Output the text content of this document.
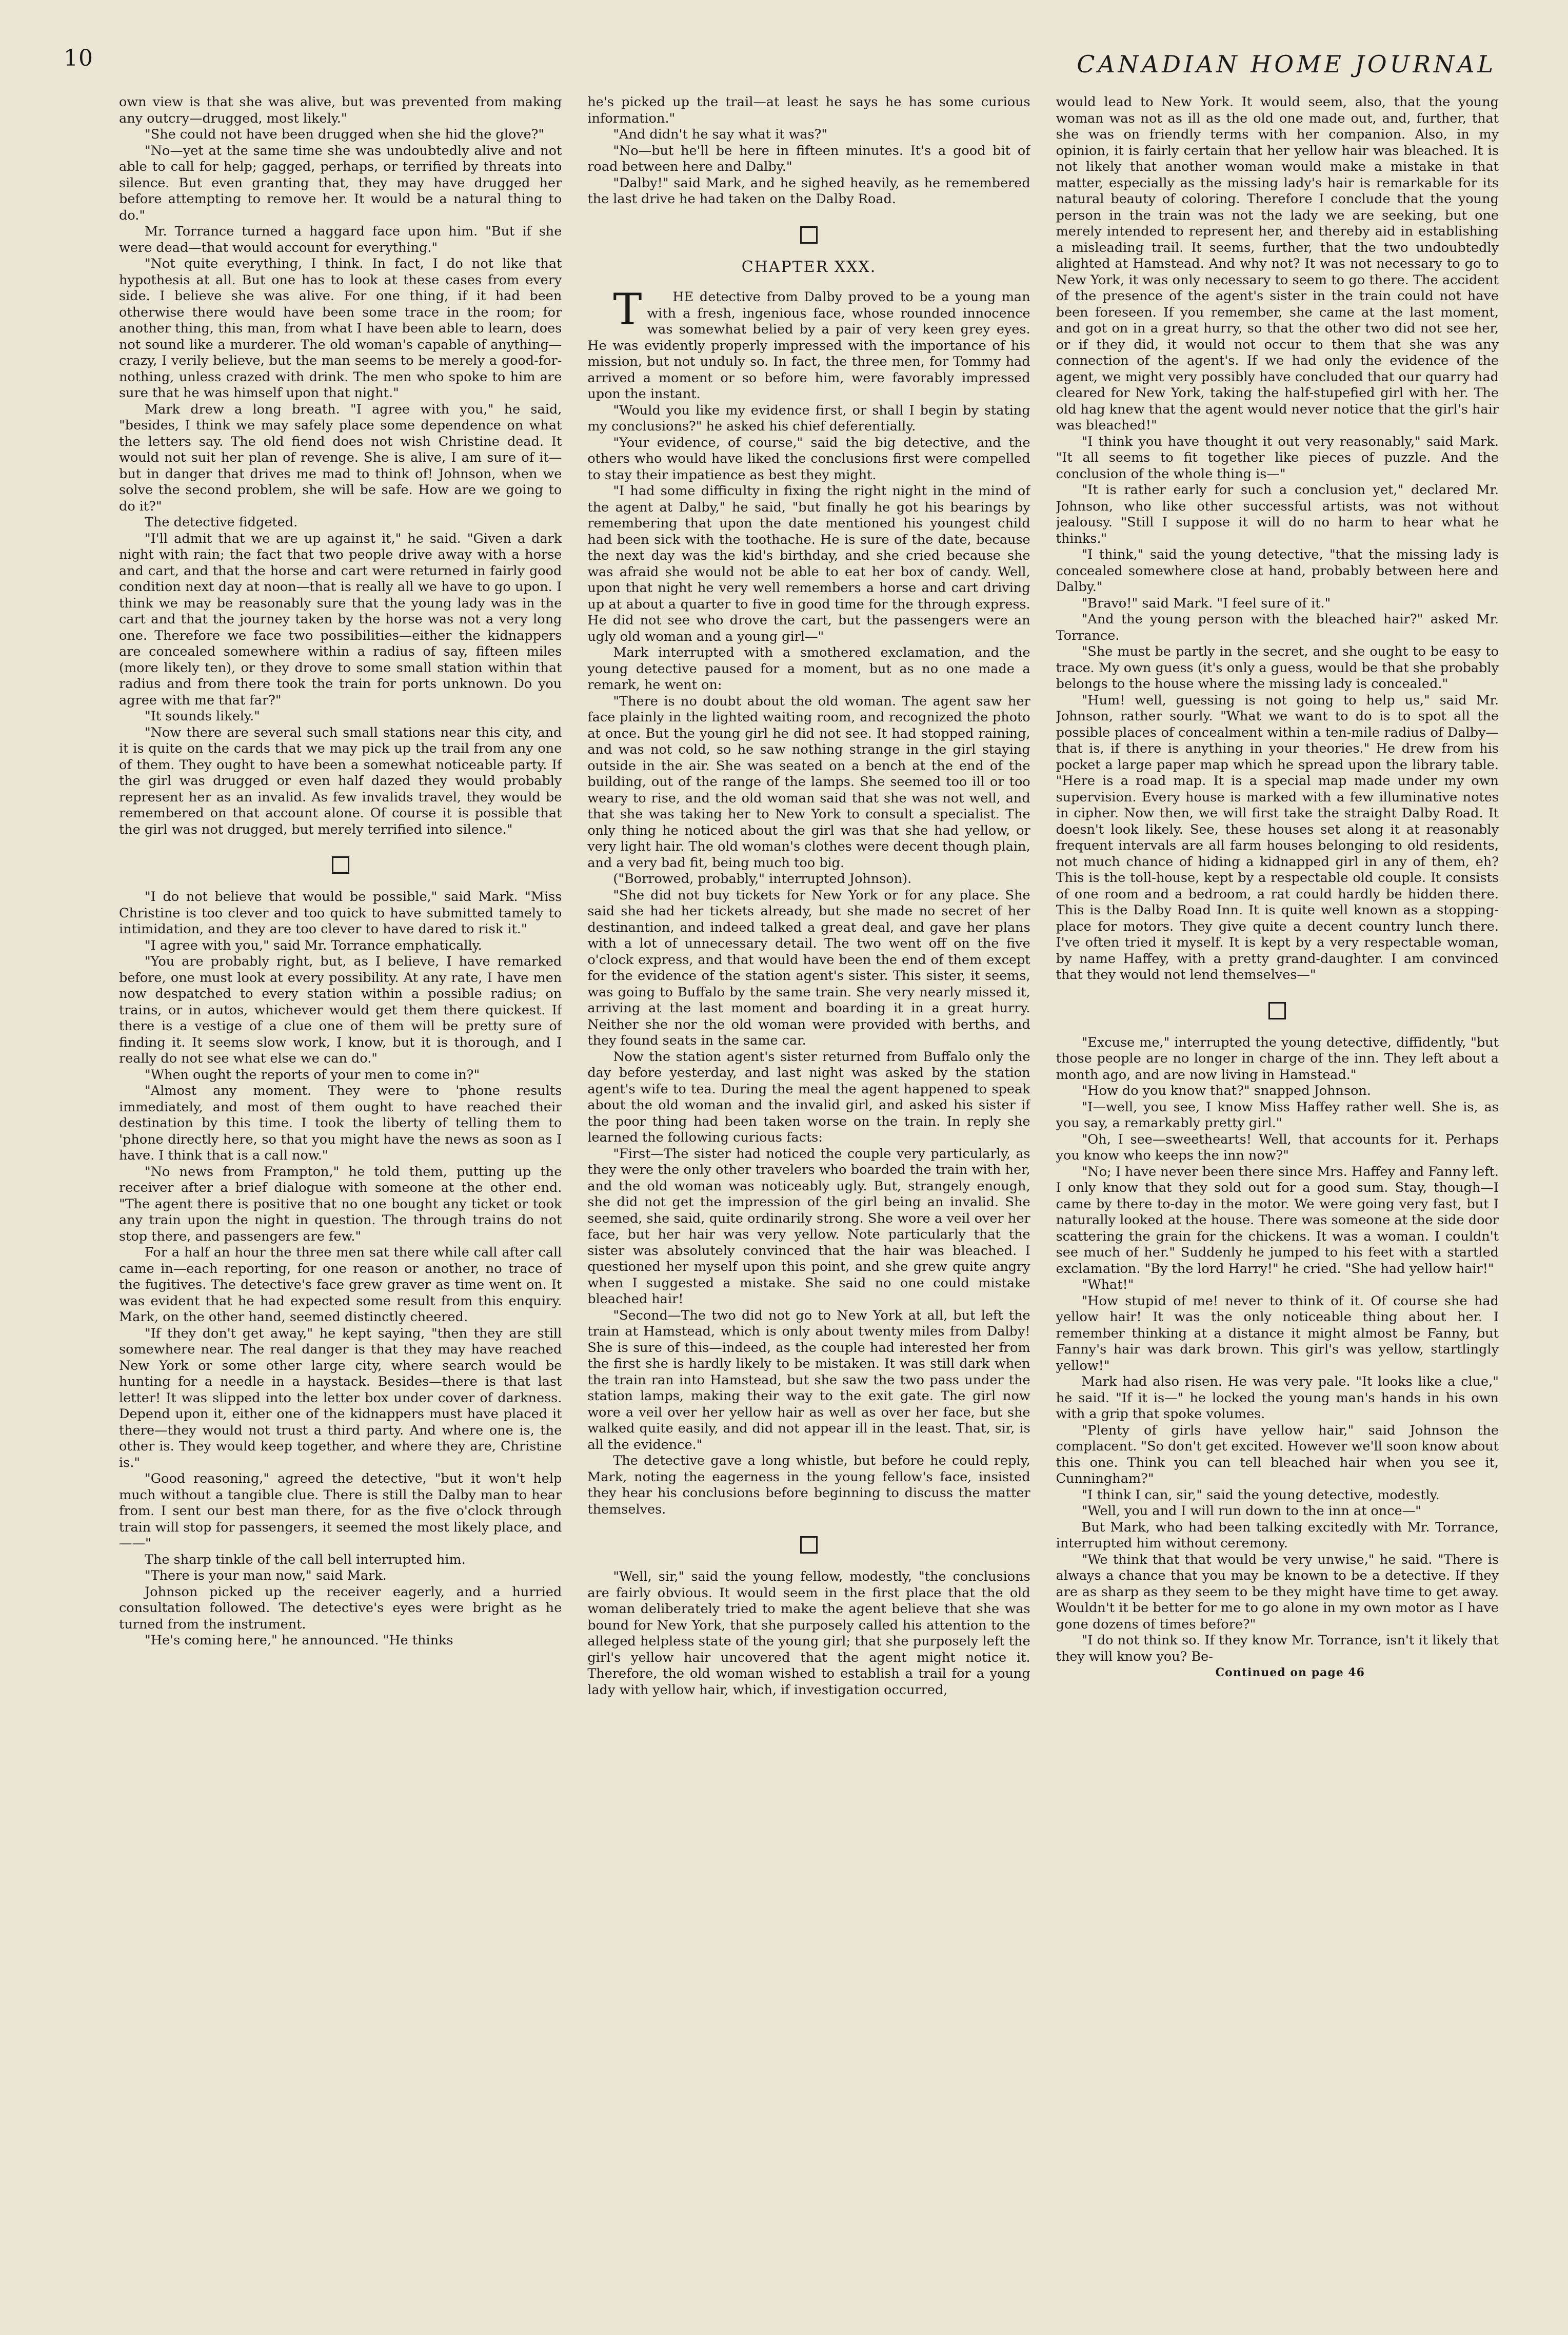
10	CANADIAN HOME JOURNAL

own view is that she was alive, but was prevented from making any outcry—drugged, most likely."

"She could not have been drugged when she hid the glove?"

"No—yet at the same time she was undoubtedly alive and not able to call for help; gagged, perhaps, or terrified by threats into silence. But even granting that, they may have drugged her before attempting to remove her. It would be a natural thing to do."

Mr. Torrance turned a haggard face upon him. "But if she were dead—that would account for everything."

"Not quite everything, I think. In fact, I do not like that hypothesis at all. But one has to look at these cases from every side. I believe she was alive. For one thing, if it had been otherwise there would have been some trace in the room; for another thing, this man, from what I have been able to learn, does not sound like a murderer. The old woman's capable of anything—crazy, I verily believe, but the man seems to be merely a good-for-nothing, unless crazed with drink. The men who spoke to him are sure that he was himself upon that night."

Mark drew a long breath. "I agree with you," he said, "besides, I think we may safely place some dependence on what the letters say. The old fiend does not wish Christine dead. It would not suit her plan of revenge. She is alive, I am sure of it—but in danger that drives me mad to think of! Johnson, when we solve the second problem, she will be safe. How are we going to do it?"

The detective fidgeted.

"I'll admit that we are up against it," he said. "Given a dark night with rain; the fact that two people drive away with a horse and cart, and that the horse and cart were returned in fairly good condition next day at noon—that is really all we have to go upon. I think we may be reasonably sure that the young lady was in the cart and that the journey taken by the horse was not a very long one. Therefore we face two possibilities—either the kidnappers are concealed somewhere within a radius of say, fifteen miles (more likely ten), or they drove to some small station within that radius and from there took the train for ports unknown. Do you agree with me that far?"

"It sounds likely."

"Now there are several such small stations near this city, and it is quite on the cards that we may pick up the trail from any one of them. They ought to have been a somewhat noticeable party. If the girl was drugged or even half dazed they would probably represent her as an invalid. As few invalids travel, they would be remembered on that account alone. Of course it is possible that the girl was not drugged, but merely terrified into silence."

"I do not believe that would be possible," said Mark. "Miss Christine is too clever and too quick to have submitted tamely to intimidation, and they are too clever to have dared to risk it."

"I agree with you," said Mr. Torrance emphatically.

"You are probably right, but, as I believe, I have remarked before, one must look at every possibility. At any rate, I have men now despatched to every station within a possible radius; on trains, or in autos, whichever would get them there quickest. If there is a vestige of a clue one of them will be pretty sure of finding it. It seems slow work, I know, but it is thorough, and I really do not see what else we can do."

"When ought the reports of your men to come in?"

"Almost any moment. They were to 'phone results immediately, and most of them ought to have reached their destination by this time. I took the liberty of telling them to 'phone directly here, so that you might have the news as soon as I have. I think that is a call now."

"No news from Frampton," he told them, putting up the receiver after a brief dialogue with someone at the other end. "The agent there is positive that no one bought any ticket or took any train upon the night in question. The through trains do not stop there, and passengers are few."

For a half an hour the three men sat there while call after call came in—each reporting, for one reason or another, no trace of the fugitives. The detective's face grew graver as time went on. It was evident that he had expected some result from this enquiry. Mark, on the other hand, seemed distinctly cheered.

"If they don't get away," he kept saying, "then they are still somewhere near. The real danger is that they may have reached New York or some other large city, where search would be hunting for a needle in a haystack. Besides—there is that last letter! It was slipped into the letter box under cover of darkness. Depend upon it, either one of the kidnappers must have placed it there—they would not trust a third party. And where one is, the other is. They would keep together, and where they are, Christine is."

"Good reasoning," agreed the detective, "but it won't help much without a tangible clue. There is still the Dalby man to hear from. I sent our best man there, for as the five o'clock through train will stop for passengers, it seemed the most likely place, and——"

The sharp tinkle of the call bell interrupted him.

"There is your man now," said Mark.

Johnson picked up the receiver eagerly, and a hurried consultation followed. The detective's eyes were bright as he turned from the instrument.

"He's coming here," he announced. "He thinks

he's picked up the trail—at least he says he has some curious information."

"And didn't he say what it was?"

"No—but he'll be here in fifteen minutes. It's a good bit of road between here and Dalby."

"Dalby!" said Mark, and he sighed heavily, as he remembered the last drive he had taken on the Dalby Road.

CHAPTER XXX.

T HE detective from Dalby proved to be a young man with a fresh, ingenious face, whose rounded innocence was somewhat belied by a pair of very keen grey eyes. He was evidently properly impressed with the importance of his mission, but not unduly so. In fact, the three men, for Tommy had arrived a moment or so before him, were favorably impressed upon the instant.

"Would you like my evidence first, or shall I begin by stating my conclusions?" he asked his chief deferentially.

"Your evidence, of course," said the big detective, and the others who would have liked the conclusions first were compelled to stay their impatience as best they might.

"I had some difficulty in fixing the right night in the mind of the agent at Dalby," he said, "but finally he got his bearings by remembering that upon the date mentioned his youngest child had been sick with the toothache. He is sure of the date, because the next day was the kid's birthday, and she cried because she was afraid she would not be able to eat her box of candy. Well, upon that night he very well remembers a horse and cart driving up at about a quarter to five in good time for the through express. He did not see who drove the cart, but the passengers were an ugly old woman and a young girl—"

Mark interrupted with a smothered exclamation, and the young detective paused for a moment, but as no one made a remark, he went on:

"There is no doubt about the old woman. The agent saw her face plainly in the lighted waiting room, and recognized the photo at once. But the young girl he did not see. It had stopped raining, and was not cold, so he saw nothing strange in the girl staying outside in the air. She was seated on a bench at the end of the building, out of the range of the lamps. She seemed too ill or too weary to rise, and the old woman said that she was not well, and that she was taking her to New York to consult a specialist. The only thing he noticed about the girl was that she had yellow, or very light hair. The old woman's clothes were decent though plain, and a very bad fit, being much too big.

("Borrowed, probably," interrupted Johnson).

"She did not buy tickets for New York or for any place. She said she had her tickets already, but she made no secret of her destinantion, and indeed talked a great deal, and gave her plans with a lot of unnecessary detail. The two went off on the five o'clock express, and that would have been the end of them except for the evidence of the station agent's sister. This sister, it seems, was going to Buffalo by the same train. She very nearly missed it, arriving at the last moment and boarding it in a great hurry. Neither she nor the old woman were provided with berths, and they found seats in the same car.

Now the station agent's sister returned from Buffalo only the day before yesterday, and last night was asked by the station agent's wife to tea. During the meal the agent happened to speak about the old woman and the invalid girl, and asked his sister if the poor thing had been taken worse on the train. In reply she learned the following curious facts:

"First—The sister had noticed the couple very particularly, as they were the only other travelers who boarded the train with her, and the old woman was noticeably ugly. But, strangely enough, she did not get the impression of the girl being an invalid. She seemed, she said, quite ordinarily strong. She wore a veil over her face, but her hair was very yellow. Note particularly that the sister was absolutely convinced that the hair was bleached. I questioned her myself upon this point, and she grew quite angry when I suggested a mistake. She said no one could mistake bleached hair!

"Second—The two did not go to New York at all, but left the train at Hamstead, which is only about twenty miles from Dalby! She is sure of this—indeed, as the couple had interested her from the first she is hardly likely to be mistaken. It was still dark when the train ran into Hamstead, but she saw the two pass under the station lamps, making their way to the exit gate. The girl now wore a veil over her yellow hair as well as over her face, but she walked quite easily, and did not appear ill in the least. That, sir, is all the evidence."

The detective gave a long whistle, but before he could reply, Mark, noting the eagerness in the young fellow's face, insisted they hear his conclusions before beginning to discuss the matter themselves.

"Well, sir," said the young fellow, modestly, "the conclusions are fairly obvious. It would seem in the first place that the old woman deliberately tried to make the agent believe that she was bound for New York, that she purposely called his attention to the alleged helpless state of the young girl; that she purposely left the girl's yellow hair uncovered that the agent might notice it. Therefore, the old woman wished to establish a trail for a young lady with yellow hair, which, if investigation occurred,

would lead to New York. It would seem, also, that the young woman was not as ill as the old one made out, and, further, that she was on friendly terms with her companion. Also, in my opinion, it is fairly certain that her yellow hair was bleached. It is not likely that another woman would make a mistake in that matter, especially as the missing lady's hair is remarkable for its natural beauty of coloring. Therefore I conclude that the young person in the train was not the lady we are seeking, but one merely intended to represent her, and thereby aid in establishing a misleading trail. It seems, further, that the two undoubtedly alighted at Hamstead. And why not? It was not necessary to go to New York, it was only necessary to seem to go there. The accident of the presence of the agent's sister in the train could not have been foreseen. If you remember, she came at the last moment, and got on in a great hurry, so that the other two did not see her, or if they did, it would not occur to them that she was any connection of the agent's. If we had only the evidence of the agent, we might very possibly have concluded that our quarry had cleared for New York, taking the half-stupefied girl with her. The old hag knew that the agent would never notice that the girl's hair was bleached!"

"I think you have thought it out very reasonably," said Mark. "It all seems to fit together like pieces of puzzle. And the conclusion of the whole thing is—"

"It is rather early for such a conclusion yet," declared Mr. Johnson, who like other successful artists, was not without jealousy. "Still I suppose it will do no harm to hear what he thinks."

"I think," said the young detective, "that the missing lady is concealed somewhere close at hand, probably between here and Dalby."

"Bravo!" said Mark. "I feel sure of it."

"And the young person with the bleached hair?" asked Mr. Torrance.

"She must be partly in the secret, and she ought to be easy to trace. My own guess (it's only a guess, would be that she probably belongs to the house where the missing lady is concealed."

"Hum! well, guessing is not going to help us," said Mr. Johnson, rather sourly. "What we want to do is to spot all the possible places of concealment within a ten-mile radius of Dalby—that is, if there is anything in your theories." He drew from his pocket a large paper map which he spread upon the library table. "Here is a road map. It is a special map made under my own supervision. Every house is marked with a few illuminative notes in cipher. Now then, we will first take the straight Dalby Road. It doesn't look likely. See, these houses set along it at reasonably frequent intervals are all farm houses belonging to old residents, not much chance of hiding a kidnapped girl in any of them, eh? This is the toll-house, kept by a respectable old couple. It consists of one room and a bedroom, a rat could hardly be hidden there. This is the Dalby Road Inn. It is quite well known as a stopping-place for motors. They give quite a decent country lunch there. I've often tried it myself. It is kept by a very respectable woman, by name Haffey, with a pretty grand-daughter. I am convinced that they would not lend themselves—"

"Excuse me," interrupted the young detective, diffidently, "but those people are no longer in charge of the inn. They left about a month ago, and are now living in Hamstead."

"How do you know that?" snapped Johnson.

"I—well, you see, I know Miss Haffey rather well. She is, as you say, a remarkably pretty girl."

"Oh, I see—sweethearts! Well, that accounts for it. Perhaps you know who keeps the inn now?"

"No; I have never been there since Mrs. Haffey and Fanny left. I only know that they sold out for a good sum. Stay, though—I came by there to-day in the motor. We were going very fast, but I naturally looked at the house. There was someone at the side door scattering the grain for the chickens. It was a woman. I couldn't see much of her." Suddenly he jumped to his feet with a startled exclamation. "By the lord Harry!" he cried. "She had yellow hair!"

"What!"

"How stupid of me! never to think of it. Of course she had yellow hair! It was the only noticeable thing about her. I remember thinking at a distance it might almost be Fanny, but Fanny's hair was dark brown. This girl's was yellow, startlingly yellow!"

Mark had also risen. He was very pale. "It looks like a clue," he said. "If it is—" he locked the young man's hands in his own with a grip that spoke volumes.

"Plenty of girls have yellow hair," said Johnson the complacent. "So don't get excited. However we'll soon know about this one. Think you can tell bleached hair when you see it, Cunningham?"

"I think I can, sir," said the young detective, modestly.

"Well, you and I will run down to the inn at once—"

But Mark, who had been talking excitedly with Mr. Torrance, interrupted him without ceremony.

"We think that that would be very unwise," he said. "There is always a chance that you may be known to be a detective. If they are as sharp as they seem to be they might have time to get away. Wouldn't it be better for me to go alone in my own motor as I have gone dozens of times before?"

"I do not think so. If they know Mr. Torrance, isn't it likely that they will know you? Be-

Continued on page 46
